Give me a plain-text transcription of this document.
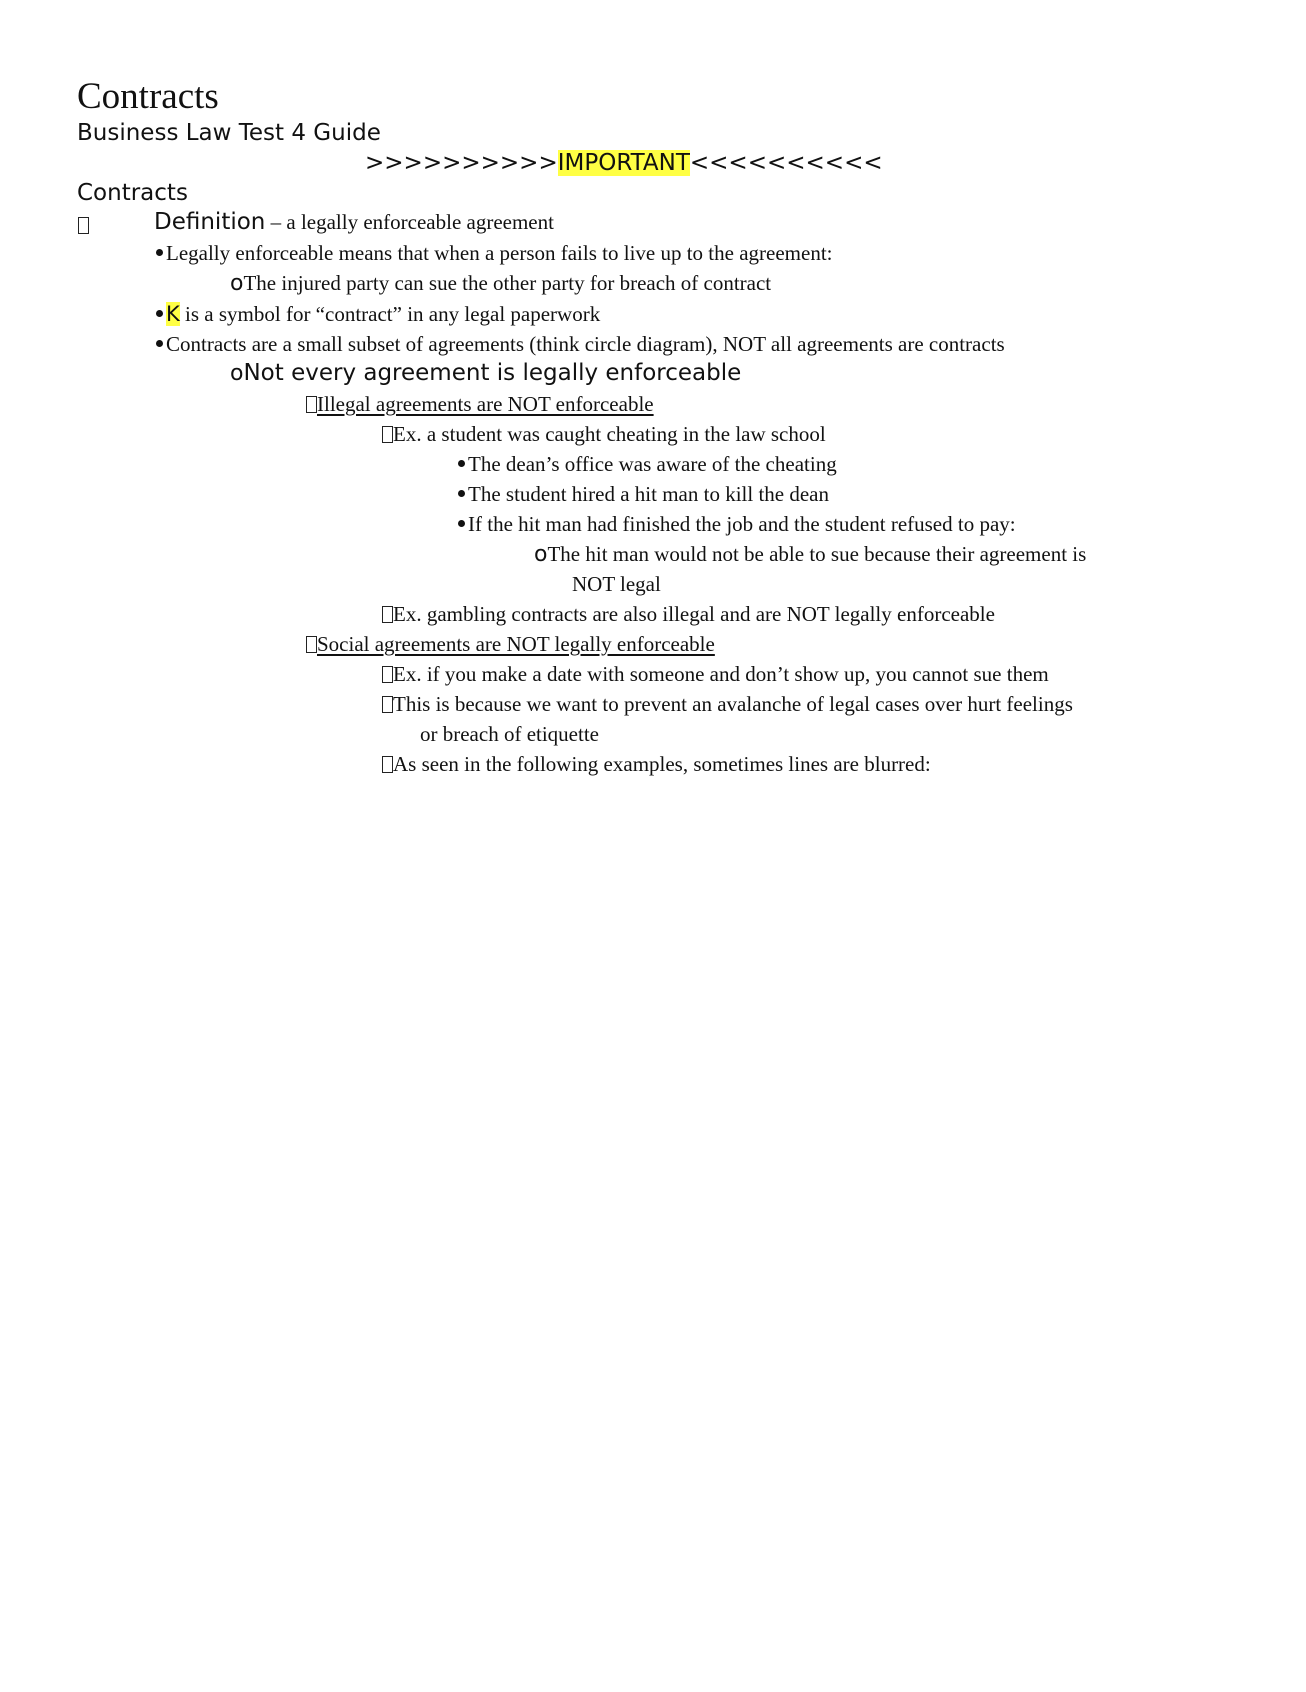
Contracts
Business Law Test 4 Guide
>>>>>>>>>>IMPORTANT<<<<<<<<<<
Contracts
Definition – a legally enforceable agreement
Legally enforceable means that when a person fails to live up to the agreement:
oThe injured party can sue the other party for breach of contract
K is a symbol for “contract” in any legal paperwork
Contracts are a small subset of agreements (think circle diagram), NOT all agreements are contracts
oNot every agreement is legally enforceable
Illegal agreements are NOT enforceable
Ex. a student was caught cheating in the law school
The dean’s office was aware of the cheating
The student hired a hit man to kill the dean
If the hit man had finished the job and the student refused to pay:
oThe hit man would not be able to sue because their agreement is
NOT legal
Ex. gambling contracts are also illegal and are NOT legally enforceable
Social agreements are NOT legally enforceable
Ex. if you make a date with someone and don’t show up, you cannot sue them
This is because we want to prevent an avalanche of legal cases over hurt feelings
or breach of etiquette
As seen in the following examples, sometimes lines are blurred:
